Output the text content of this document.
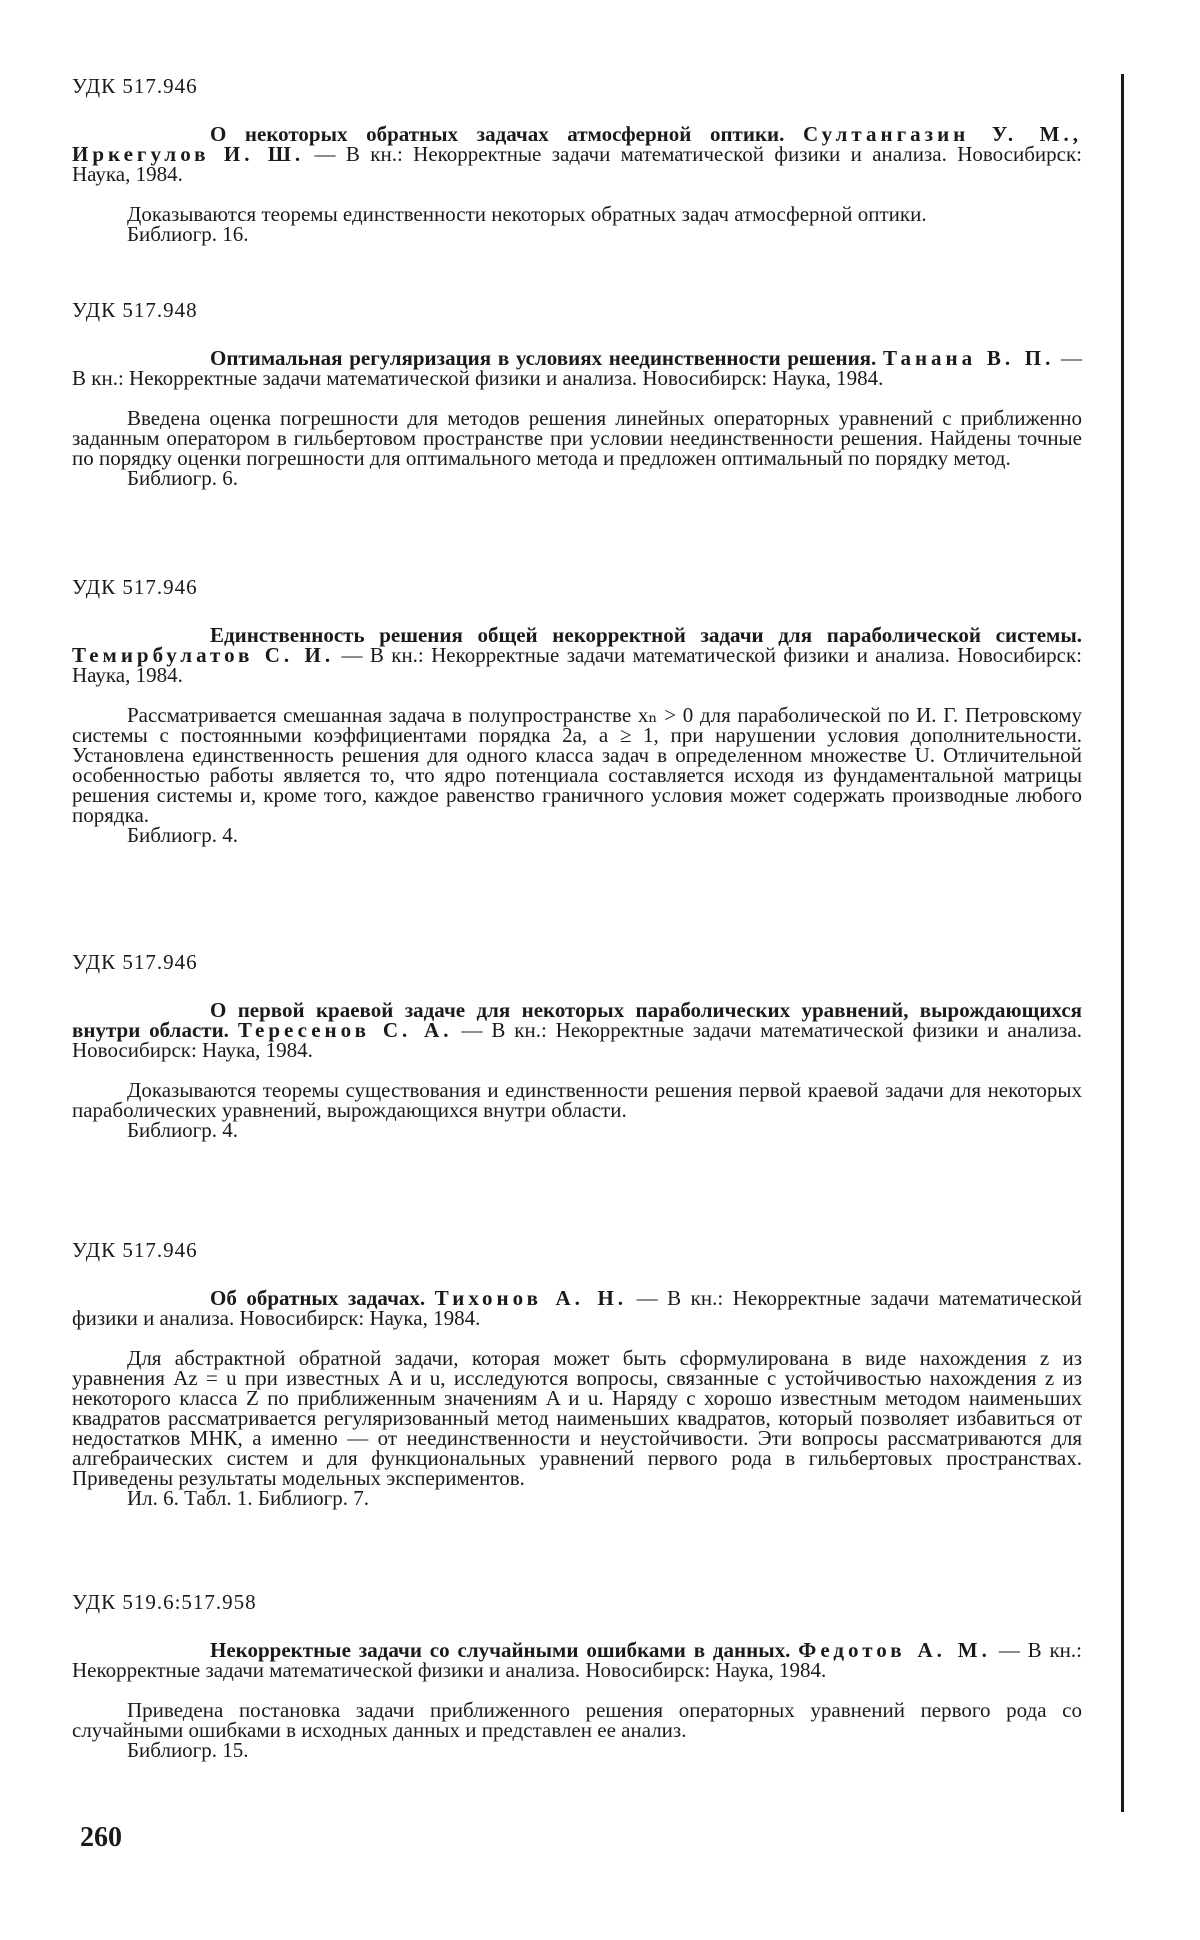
УДК 517.946

О некоторых обратных задачах атмосферной оптики. Султангазин У. М., Иркегулов И. Ш. — В кн.: Некорректные задачи математической физики и анализа. Новосибирск: Наука, 1984.

Доказываются теоремы единственности некоторых обратных задач атмосферной оптики.

Библиогр. 16.

УДК 517.948

Оптимальная регуляризация в условиях неединственности решения. Танана В. П. — В кн.: Некорректные задачи математической физики и анализа. Новосибирск: Наука, 1984.

Введена оценка погрешности для методов решения линейных операторных уравнений с приближенно заданным оператором в гильбертовом пространстве при условии неединственности решения. Найдены точные по порядку оценки погрешности для оптимального метода и предложен оптимальный по порядку метод.

Библиогр. 6.

УДК 517.946

Единственность решения общей некорректной задачи для параболической системы. Темирбулатов С. И. — В кн.: Некорректные задачи математической физики и анализа. Новосибирск: Наука, 1984.

Рассматривается смешанная задача в полупространстве xₙ > 0 для параболической по И. Г. Петровскому системы с постоянными коэффициентами порядка 2a, a ≥ 1, при нарушении условия дополнительности. Установлена единственность решения для одного класса задач в определенном множестве U. Отличительной особенностью работы является то, что ядро потенциала составляется исходя из фундаментальной матрицы решения системы и, кроме того, каждое равенство граничного условия может содержать производные любого порядка.

Библиогр. 4.

УДК 517.946

О первой краевой задаче для некоторых параболических уравнений, вырождающихся внутри области. Тересенов С. А. — В кн.: Некорректные задачи математической физики и анализа. Новосибирск: Наука, 1984.

Доказываются теоремы существования и единственности решения первой краевой задачи для некоторых параболических уравнений, вырождающихся внутри области.

Библиогр. 4.

УДК 517.946

Об обратных задачах. Тихонов А. Н. — В кн.: Некорректные задачи математической физики и анализа. Новосибирск: Наука, 1984.

Для абстрактной обратной задачи, которая может быть сформулирована в виде нахождения z из уравнения Az = u при известных A и u, исследуются вопросы, связанные с устойчивостью нахождения z из некоторого класса Z по приближенным значениям A и u. Наряду с хорошо известным методом наименьших квадратов рассматривается регуляризованный метод наименьших квадратов, который позволяет избавиться от недостатков МНК, а именно — от неединственности и неустойчивости. Эти вопросы рассматриваются для алгебраических систем и для функциональных уравнений первого рода в гильбертовых пространствах. Приведены результаты модельных экспериментов.

Ил. 6. Табл. 1. Библиогр. 7.

УДК 519.6:517.958

Некорректные задачи со случайными ошибками в данных. Федотов А. М. — В кн.: Некорректные задачи математической физики и анализа. Новосибирск: Наука, 1984.

Приведена постановка задачи приближенного решения операторных уравнений первого рода со случайными ошибками в исходных данных и представлен ее анализ.

Библиогр. 15.

260
